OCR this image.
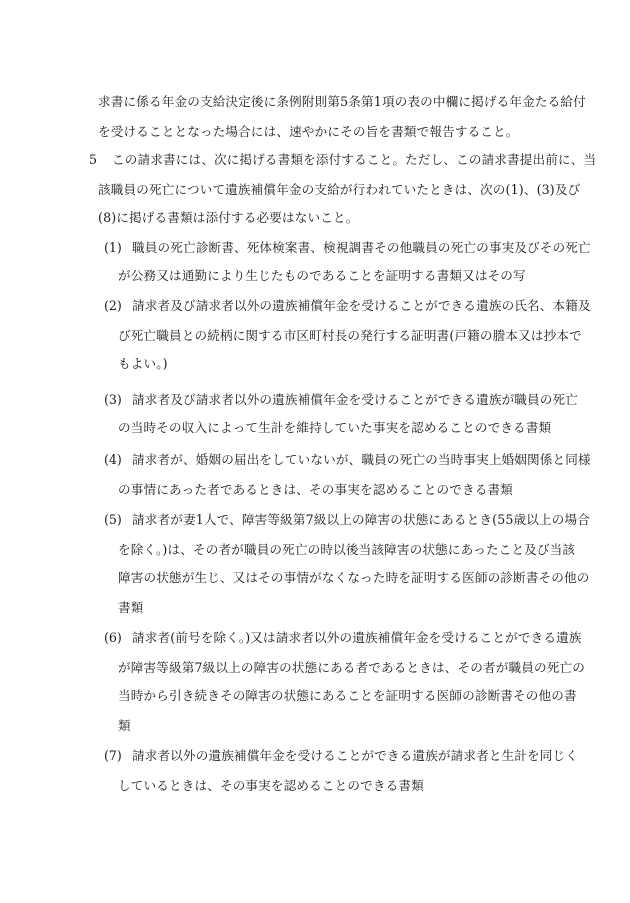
求書に係る年金の支給決定後に条例附則第5条第1項の表の中欄に掲げる年金たる給付
を受けることとなった場合には、速やかにその旨を書類で報告すること。
5 この請求書には、次に掲げる書類を添付すること。ただし、この請求書提出前に、当
該職員の死亡について遺族補償年金の支給が行われていたときは、次の(1)、(3)及び
(8)に掲げる書類は添付する必要はないこと。
(1) 職員の死亡診断書、死体検案書、検視調書その他職員の死亡の事実及びその死亡
が公務又は通勤により生じたものであることを証明する書類又はその写
(2) 請求者及び請求者以外の遺族補償年金を受けることができる遺族の氏名、本籍及
び死亡職員との続柄に関する市区町村長の発行する証明書(戸籍の謄本又は抄本で
もよい。)
(3) 請求者及び請求者以外の遺族補償年金を受けることができる遺族が職員の死亡
の当時その収入によって生計を維持していた事実を認めることのできる書類
(4) 請求者が、婚姻の届出をしていないが、職員の死亡の当時事実上婚姻関係と同様
の事情にあった者であるときは、その事実を認めることのできる書類
(5) 請求者が妻1人で、障害等級第7級以上の障害の状態にあるとき(55歳以上の場合
を除く。)は、その者が職員の死亡の時以後当該障害の状態にあったこと及び当該
障害の状態が生じ、又はその事情がなくなった時を証明する医師の診断書その他の
書類
(6) 請求者(前号を除く。)又は請求者以外の遺族補償年金を受けることができる遺族
が障害等級第7級以上の障害の状態にある者であるときは、その者が職員の死亡の
当時から引き続きその障害の状態にあることを証明する医師の診断書その他の書
類
(7) 請求者以外の遺族補償年金を受けることができる遺族が請求者と生計を同じく
しているときは、その事実を認めることのできる書類
